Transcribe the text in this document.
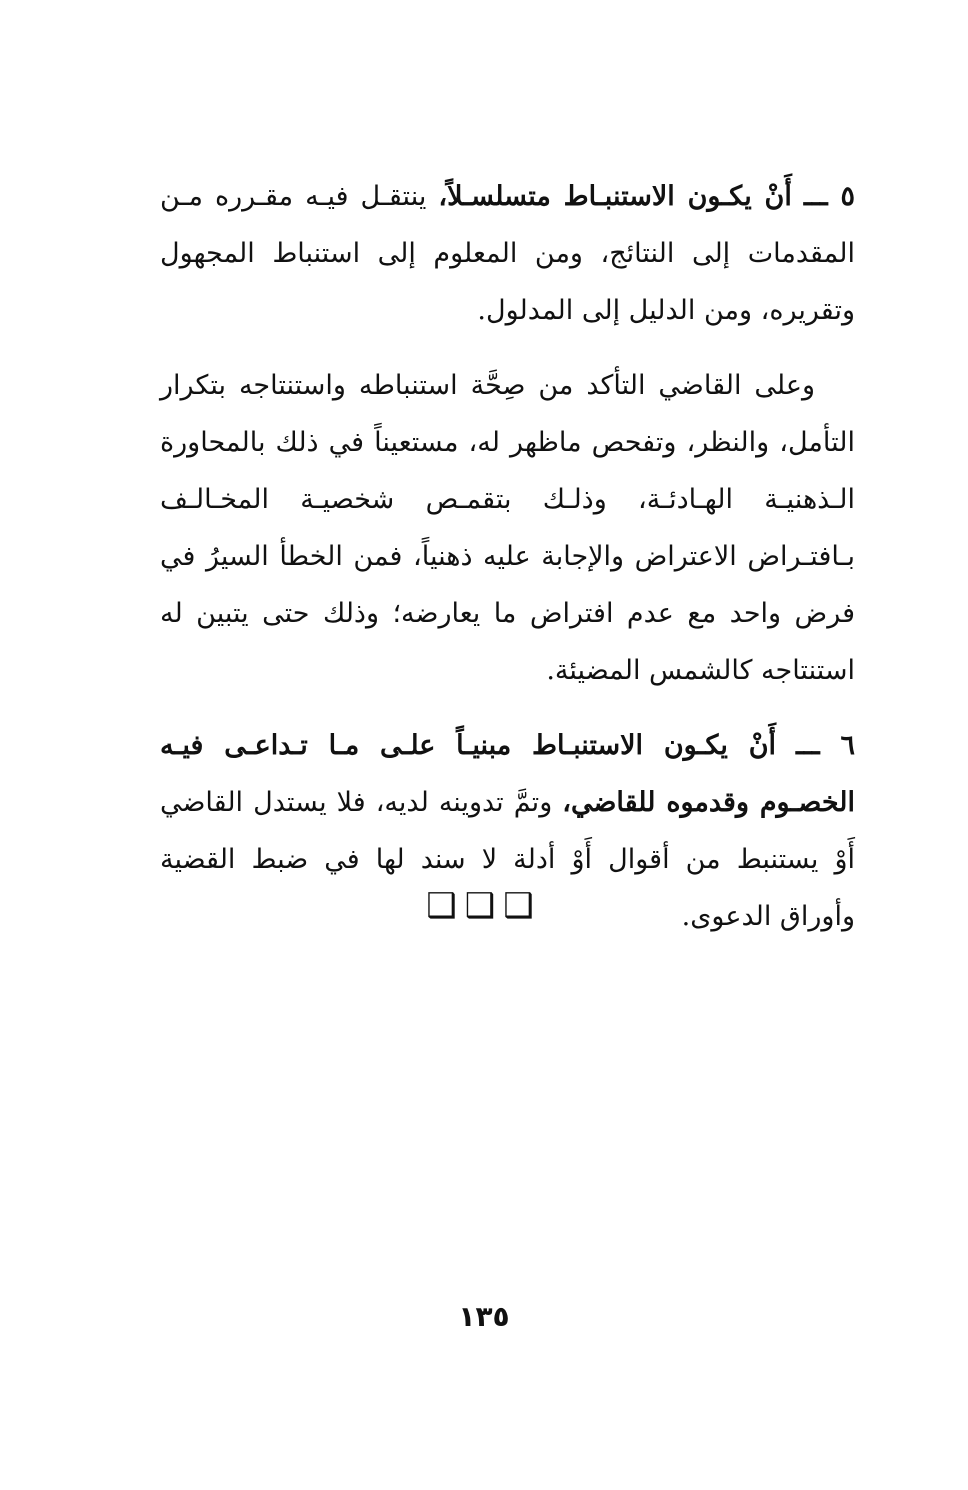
٥ ـــ أَنْ يكـون الاستنبـاط متسلسـلاً، ينتقـل فيـه مقـرره مـن المقدمات إلى النتائج، ومن المعلوم إلى استنباط المجهول وتقريره، ومن الدليل إلى المدلول.

وعلى القاضي التأكد من صِحَّة استنباطه واستنتاجه بتكرار التأمل، والنظر، وتفحص ماظهر له، مستعيناً في ذلك بالمحاورة الـذهنيـة الهـادئـة، وذلـك بتقمـص شخصيـة المخـالـف بـافتـراض الاعتراض والإجابة عليه ذهنياً، فمن الخطأ السيرُ في فرض واحد مع عدم افتراض ما يعارضه؛ وذلك حتى يتبين له استنتاجه كالشمس المضيئة.

٦ ـــ أَنْ يكـون الاستنبـاط مبنيـاً علـى مـا تـداعـى فيـه الخصـوم وقدموه للقاضي، وتمَّ تدوينه لديه، فلا يستدل القاضي أَوْ يستنبط من أقوال أَوْ أدلة لا سند لها في ضبط القضية وأوراق الدعوى.

❑❑❑
١٣٥
